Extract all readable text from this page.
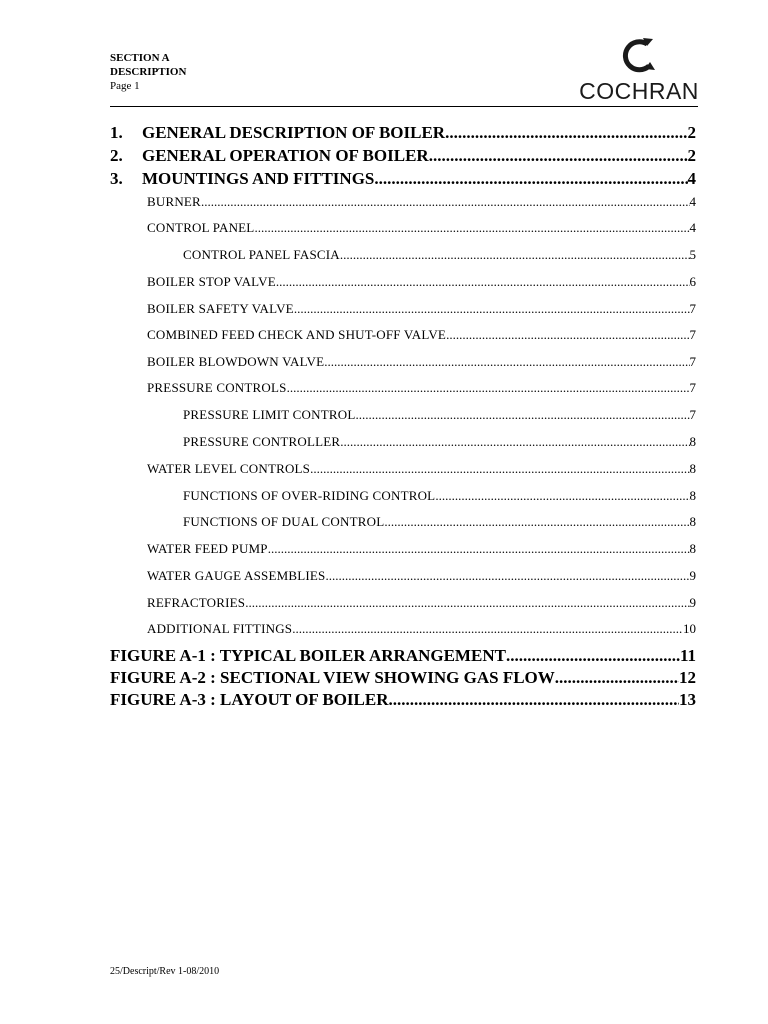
SECTION A
DESCRIPTION
Page 1	COCHRAN
1. GENERAL DESCRIPTION OF BOILER .....	2
2. GENERAL OPERATION OF BOILER .....	2
3. MOUNTINGS AND FITTINGS .....	4
BURNER .....	4
CONTROL PANEL .....	4
CONTROL PANEL FASCIA .....	5
BOILER STOP VALVE .....	6
BOILER SAFETY VALVE .....	7
COMBINED FEED CHECK AND SHUT-OFF VALVE .....	7
BOILER BLOWDOWN VALVE .....	7
PRESSURE CONTROLS .....	7
PRESSURE LIMIT CONTROL .....	7
PRESSURE CONTROLLER .....	8
WATER LEVEL CONTROLS .....	8
FUNCTIONS OF OVER-RIDING CONTROL .....	8
FUNCTIONS OF DUAL CONTROL .....	8
WATER FEED PUMP .....	8
WATER GAUGE ASSEMBLIES .....	9
REFRACTORIES .....	9
ADDITIONAL FITTINGS .....	10
FIGURE A-1 : TYPICAL BOILER ARRANGEMENT .....	11
FIGURE A-2 : SECTIONAL VIEW SHOWING GAS FLOW .....	12
FIGURE A-3 : LAYOUT OF BOILER .....	13
25/Descript/Rev 1-08/2010
